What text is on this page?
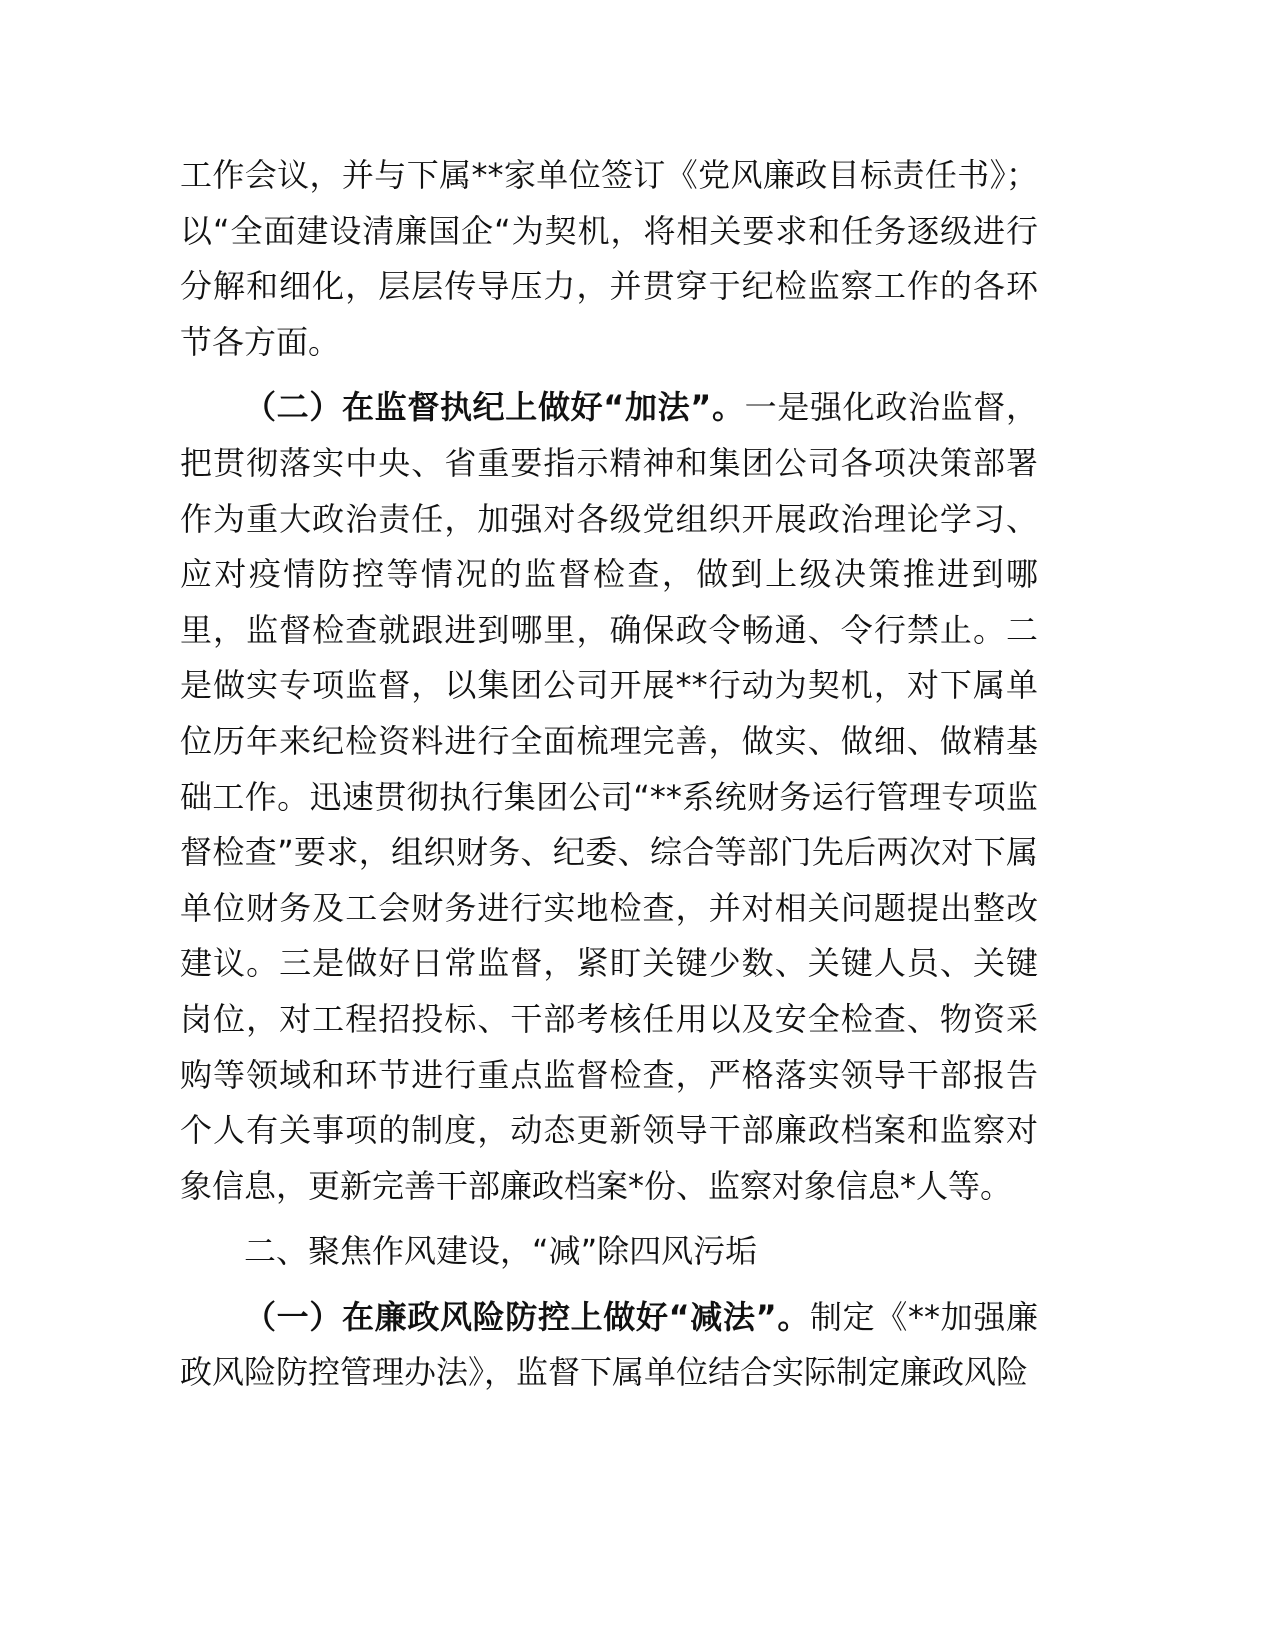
工作会议，并与下属**家单位签订《党风廉政目标责任书》；以“全面建设清廉国企“为契机，将相关要求和任务逐级进行分解和细化，层层传导压力，并贯穿于纪检监察工作的各环节各方面。

（二）在监督执纪上做好“加法”。一是强化政治监督，把贯彻落实中央、省重要指示精神和集团公司各项决策部署作为重大政治责任，加强对各级党组织开展政治理论学习、应对疫情防控等情况的监督检查，做到上级决策推进到哪里，监督检查就跟进到哪里，确保政令畅通、令行禁止。二是做实专项监督，以集团公司开展**行动为契机，对下属单位历年来纪检资料进行全面梳理完善，做实、做细、做精基础工作。迅速贯彻执行集团公司“**系统财务运行管理专项监督检查”要求，组织财务、纪委、综合等部门先后两次对下属单位财务及工会财务进行实地检查，并对相关问题提出整改建议。三是做好日常监督，紧盯关键少数、关键人员、关键岗位，对工程招投标、干部考核任用以及安全检查、物资采购等领域和环节进行重点监督检查，严格落实领导干部报告个人有关事项的制度，动态更新领导干部廉政档案和监察对象信息，更新完善干部廉政档案*份、监察对象信息*人等。

二、聚焦作风建设，“减”除四风污垢

（一）在廉政风险防控上做好“减法”。制定《**加强廉政风险防控管理办法》，监督下属单位结合实际制定廉政风险
